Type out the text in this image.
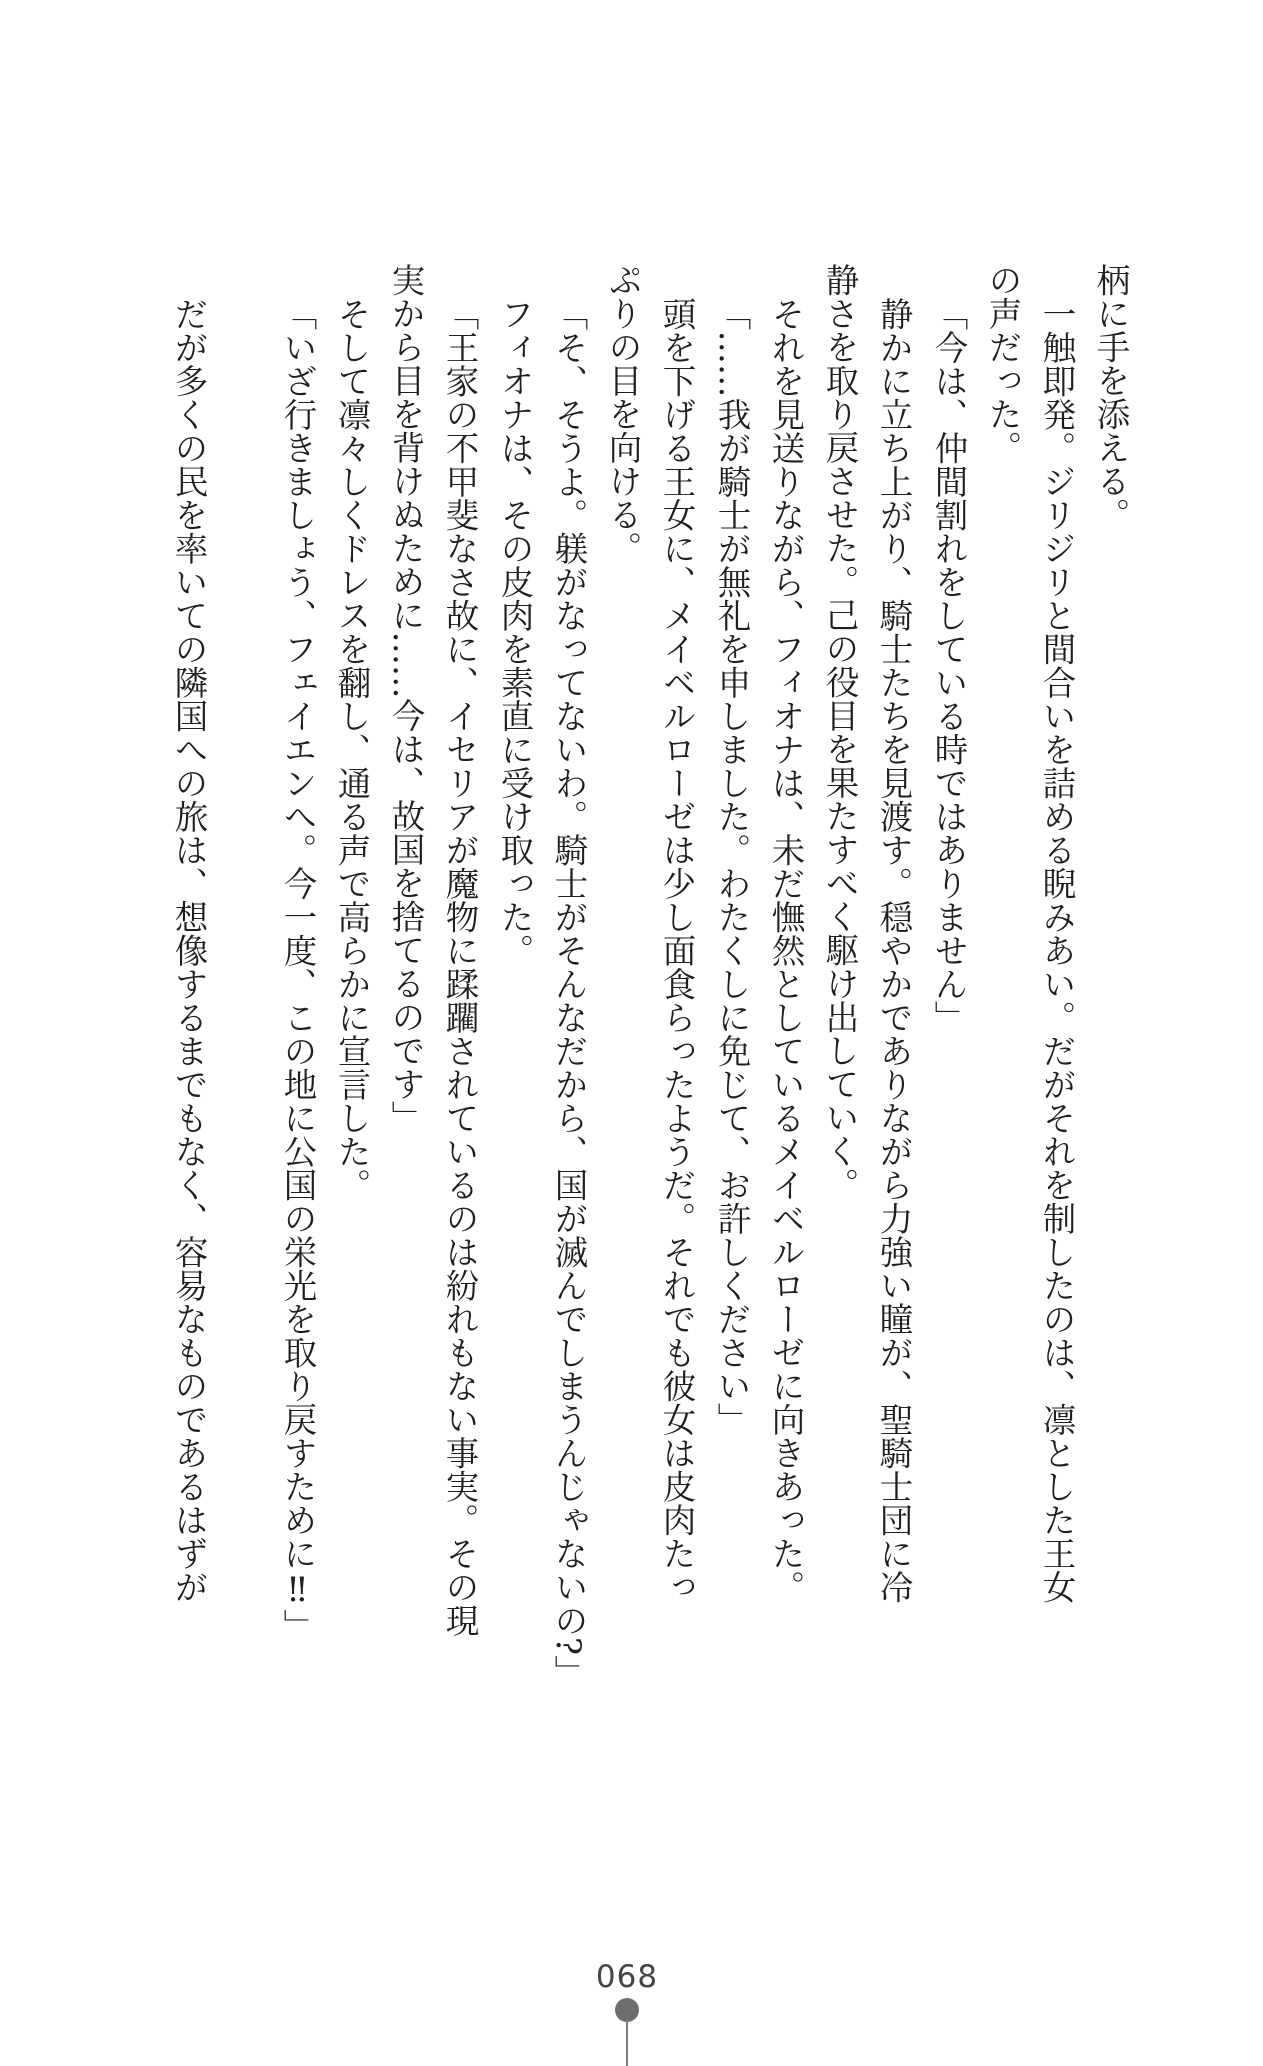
柄に手を添える。
一触即発。ジリジリと間合いを詰める睨みあい。だがそれを制したのは、凛とした王女
の声だった。
「今は、仲間割れをしている時ではありません」
静かに立ち上がり、騎士たちを見渡す。穏やかでありながら力強い瞳が、聖騎士団に冷
静さを取り戻させた。己の役目を果たすべく駆け出していく。
それを見送りながら、フィオナは、未だ憮然としているメイベルローゼに向きあった。
「……我が騎士が無礼を申しました。わたくしに免じて、お許しください」
頭を下げる王女に、メイベルローゼは少し面食らったようだ。それでも彼女は皮肉たっ
ぷりの目を向ける。
「そ、そうよ。躾がなってないわ。騎士がそんなだから、国が滅んでしまうんじゃないの?」
フィオナは、その皮肉を素直に受け取った。
「王家の不甲斐なさ故に、イセリアが魔物に蹂躙されているのは紛れもない事実。その現
実から目を背けぬために……今は、故国を捨てるのです」
そして凛々しくドレスを翻し、通る声で高らかに宣言した。
「いざ行きましょう、フェイエンへ。今一度、この地に公国の栄光を取り戻すために‼」
だが多くの民を率いての隣国への旅は、想像するまでもなく、容易なものであるはずが
068
